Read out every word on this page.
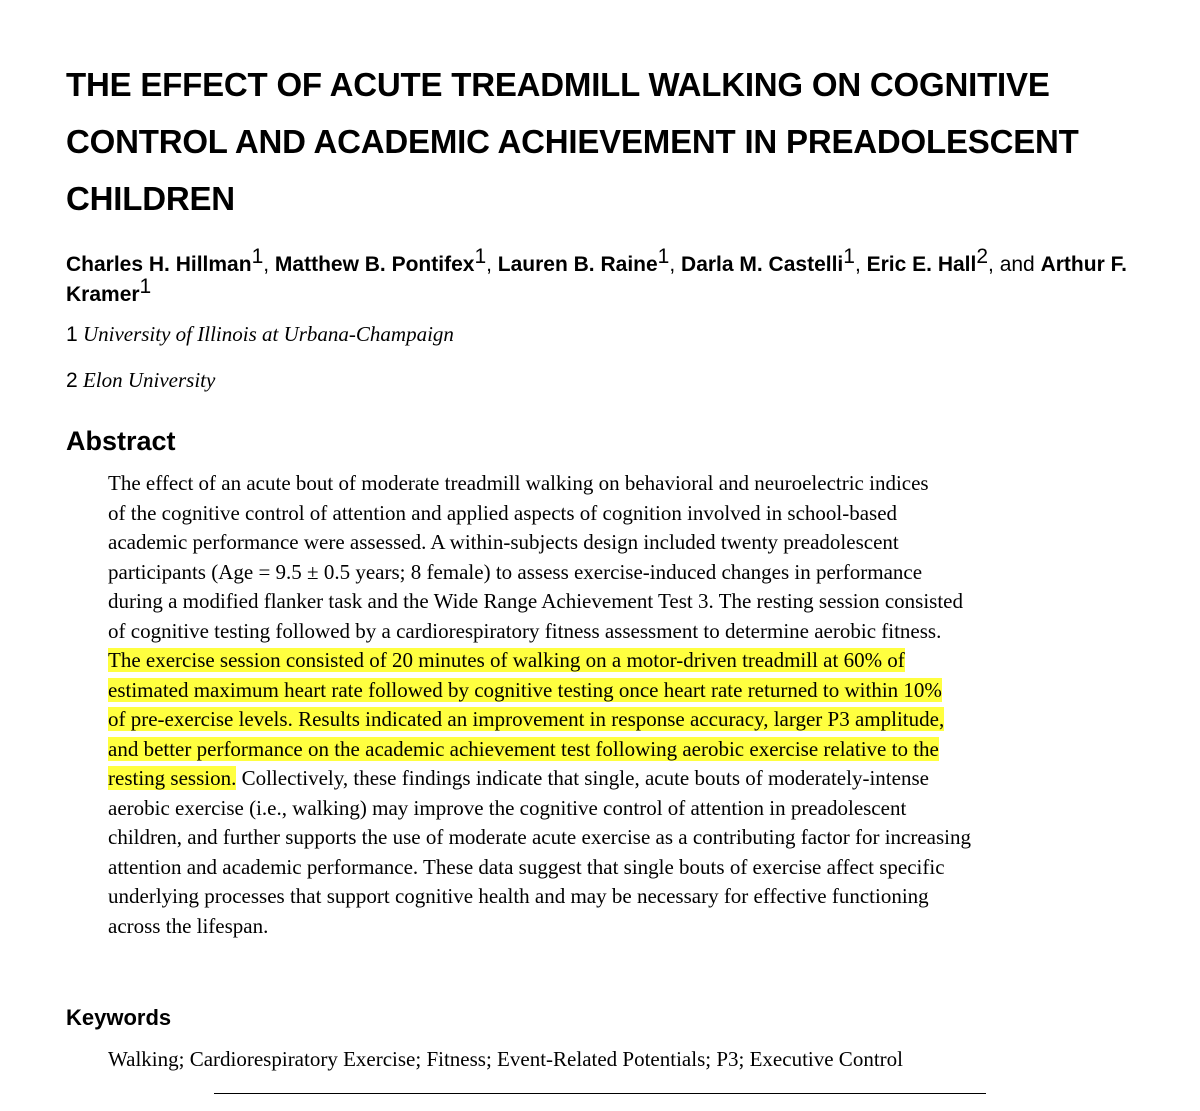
THE EFFECT OF ACUTE TREADMILL WALKING ON COGNITIVE CONTROL AND ACADEMIC ACHIEVEMENT IN PREADOLESCENT CHILDREN

Charles H. Hillman$^1$, Matthew B. Pontifex$^1$, Lauren B. Raine$^1$, Darla M. Castelli$^1$, Eric E. Hall$^2$, and Arthur F. Kramer$^1$

1 University of Illinois at Urbana-Champaign

2 Elon University

Abstract
The effect of an acute bout of moderate treadmill walking on behavioral and neuroelectric indices
of the cognitive control of attention and applied aspects of cognition involved in school-based
academic performance were assessed. A within-subjects design included twenty preadolescent
participants (Age = 9.5 ± 0.5 years; 8 female) to assess exercise-induced changes in performance
during a modified flanker task and the Wide Range Achievement Test 3. The resting session consisted
of cognitive testing followed by a cardiorespiratory fitness assessment to determine aerobic fitness.
The exercise session consisted of 20 minutes of walking on a motor-driven treadmill at 60% of
estimated maximum heart rate followed by cognitive testing once heart rate returned to within 10%
of pre-exercise levels. Results indicated an improvement in response accuracy, larger P3 amplitude,
and better performance on the academic achievement test following aerobic exercise relative to the
resting session. Collectively, these findings indicate that single, acute bouts of moderately-intense
aerobic exercise (i.e., walking) may improve the cognitive control of attention in preadolescent
children, and further supports the use of moderate acute exercise as a contributing factor for increasing
attention and academic performance. These data suggest that single bouts of exercise affect specific
underlying processes that support cognitive health and may be necessary for effective functioning
across the lifespan.
Keywords

Walking; Cardiorespiratory Exercise; Fitness; Event-Related Potentials; P3; Executive Control
